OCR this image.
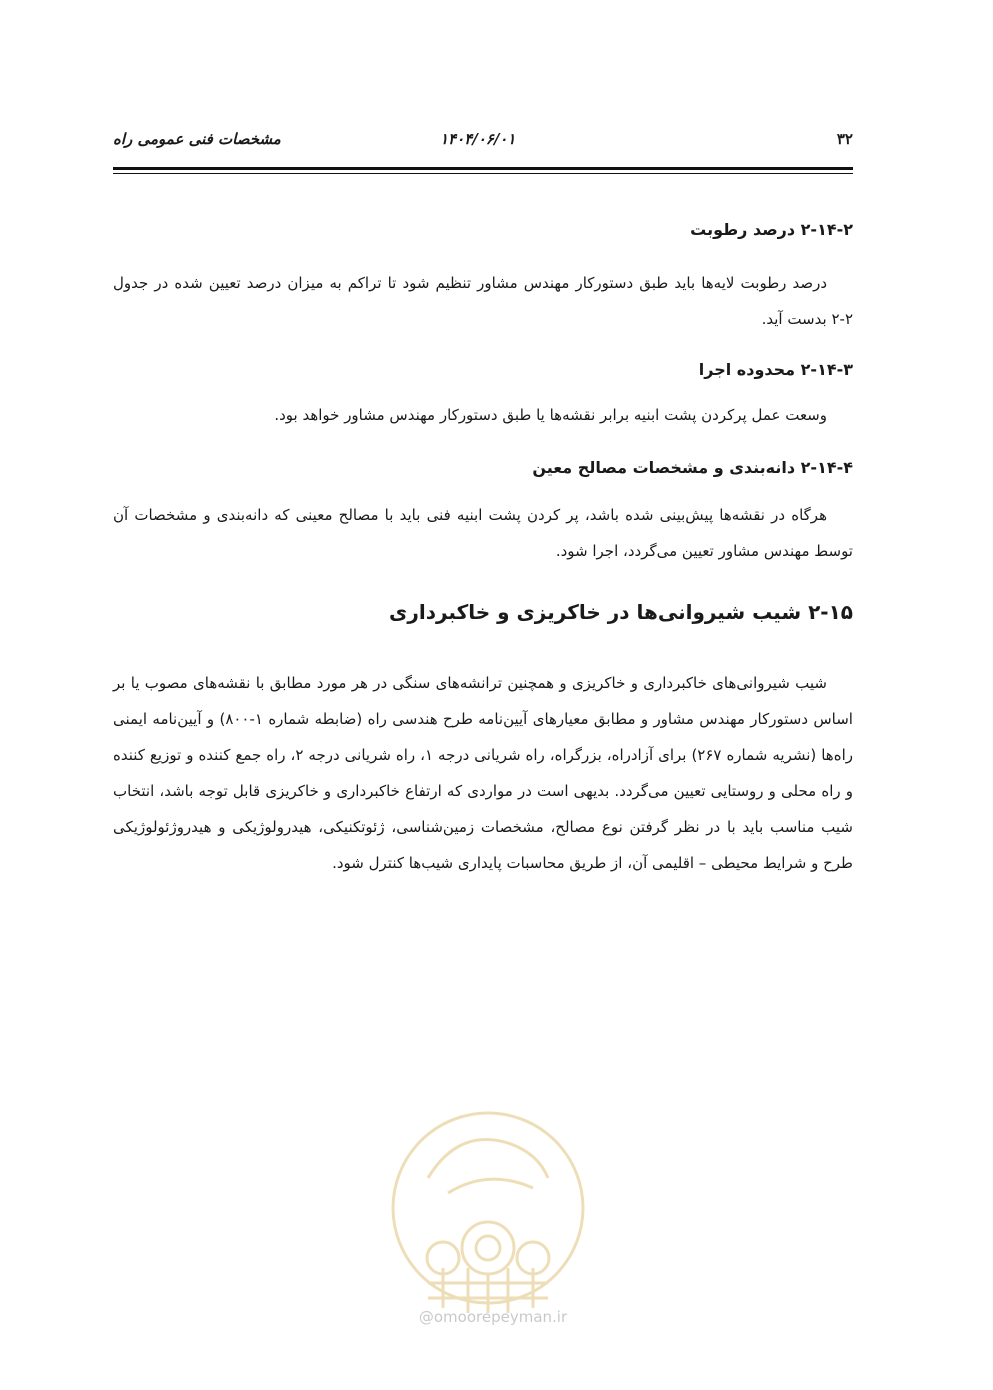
مشخصات فنی عمومی راه	۱۴۰۴/۰۶/۰۱	۳۲
۲-۱۴-۲ درصد رطوبت

درصد رطوبت لایه‌ها باید طبق دستورکار مهندس مشاور تنظیم شود تا تراکم به میزان درصد تعیین شده در جدول ۲-۲ بدست آید.

۲-۱۴-۳ محدوده اجرا

وسعت عمل پرکردن پشت ابنیه برابر نقشه‌ها یا طبق دستورکار مهندس مشاور خواهد بود.

۲-۱۴-۴ دانه‌بندی و مشخصات مصالح معین

هرگاه در نقشه‌ها پیش‌بینی شده باشد، پر کردن پشت ابنیه فنی باید با مصالح معینی که دانه‌بندی و مشخصات آن توسط مهندس مشاور تعیین می‌گردد، اجرا شود.

۲-۱۵ شیب شیروانی‌ها در خاکریزی و خاکبرداری

شیب شیروانی‌های خاکبرداری و خاکریزی و همچنین ترانشه‌های سنگی در هر مورد مطابق با نقشه‌های مصوب یا بر اساس دستورکار مهندس مشاور و مطابق معیارهای آیین‌نامه طرح هندسی راه (ضابطه شماره ۱-۸۰۰) و آیین‌نامه ایمنی راه‌ها (نشریه شماره ۲۶۷) برای آزادراه، بزرگراه، راه شریانی درجه ۱، راه شریانی درجه ۲، راه جمع کننده و توزیع کننده و راه محلی و روستایی تعیین می‌گردد. بدیهی است در مواردی که ارتفاع خاکبرداری و خاکریزی قابل توجه باشد، انتخاب شیب مناسب باید با در نظر گرفتن نوع مصالح، مشخصات زمین‌شناسی، ژئوتکنیکی، هیدرولوژیکی و هیدروژئولوژیکی طرح و شرایط محیطی – اقلیمی آن، از طریق محاسبات پایداری شیب‌ها کنترل شود.

@omoorepeyman.ir
